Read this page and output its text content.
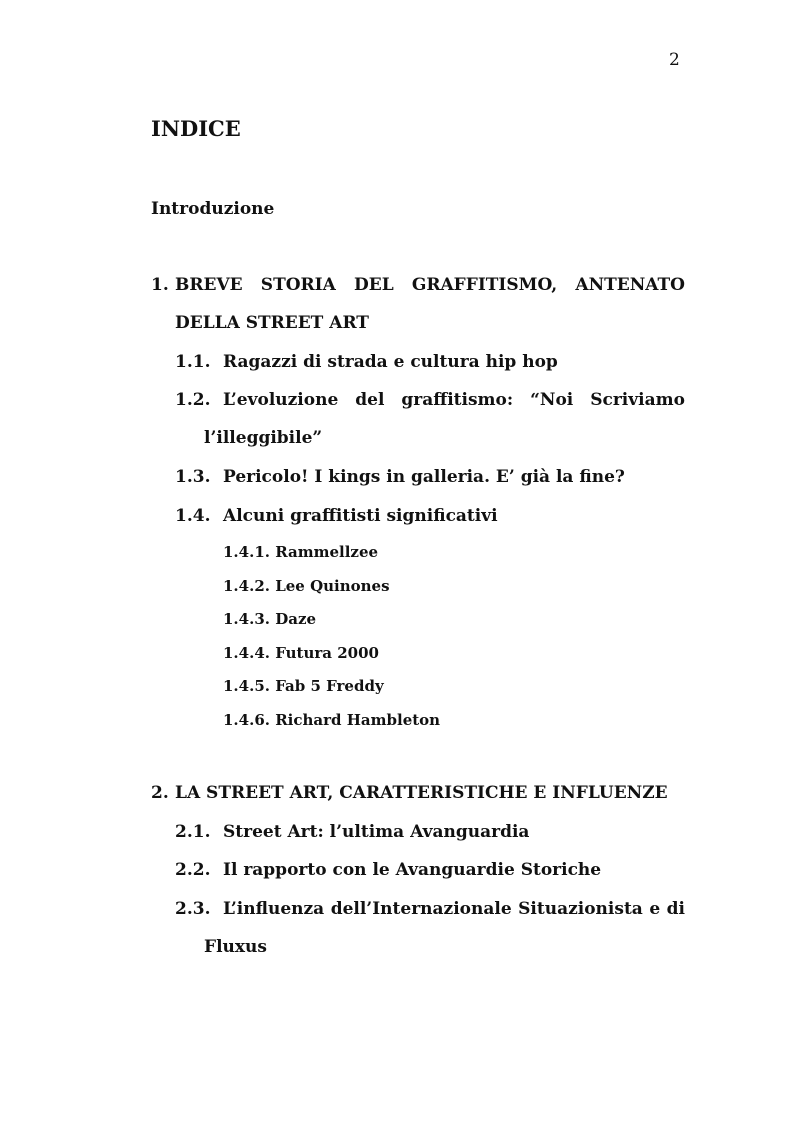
2
INDICE
Introduzione
1. BREVE STORIA DEL GRAFFITISMO, ANTENATO
DELLA STREET ART
1.1. Ragazzi di strada e cultura hip hop
1.2. L’evoluzione del graffitismo: “Noi Scriviamo
l’illeggibile”
1.3. Pericolo! I kings in galleria. E’ già la fine?
1.4. Alcuni graffitisti significativi
1.4.1. Rammellzee
1.4.2. Lee Quinones
1.4.3. Daze
1.4.4. Futura 2000
1.4.5. Fab 5 Freddy
1.4.6. Richard Hambleton
2. LA STREET ART, CARATTERISTICHE E INFLUENZE
2.1. Street Art: l’ultima Avanguardia
2.2. Il rapporto con le Avanguardie Storiche
2.3. L’influenza dell’Internazionale Situazionista e di
Fluxus
